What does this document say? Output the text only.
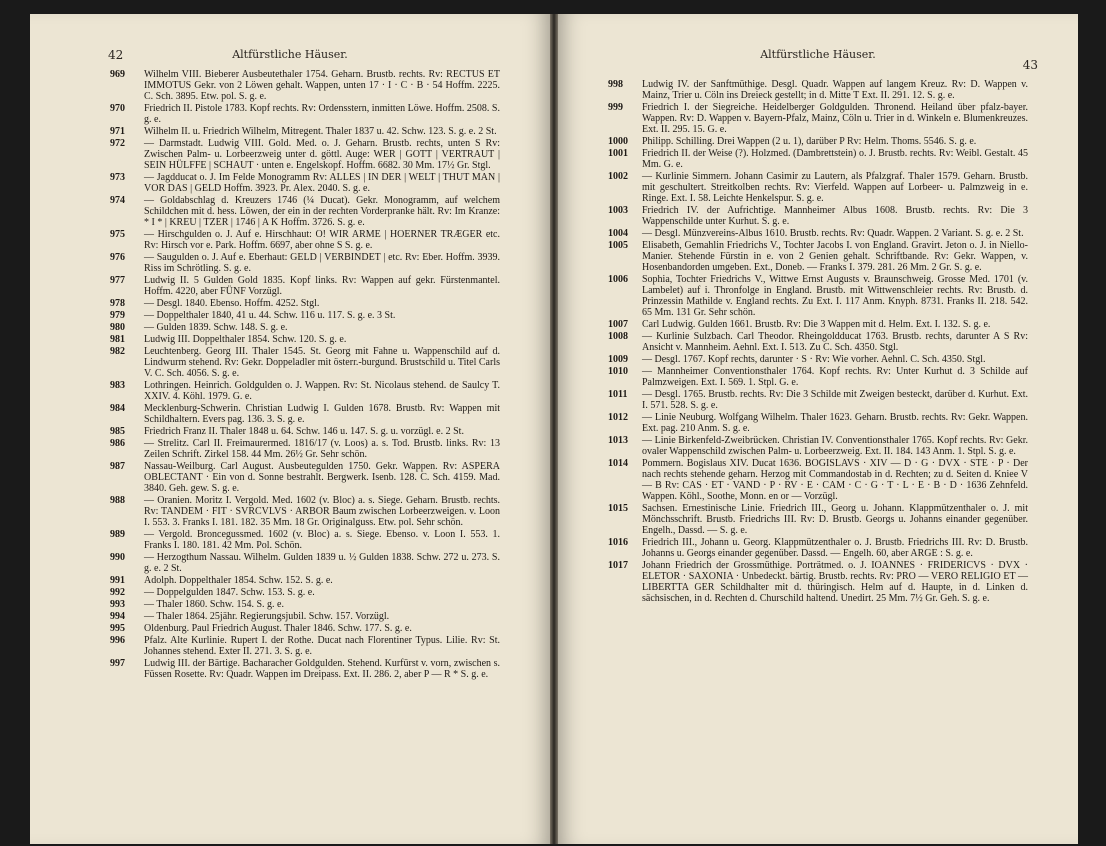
Altfürstliche Häuser.
42
969	Wilhelm VIII. Bieberer Ausbeutethaler 1754. Geharn. Brustb. rechts. Rv: RECTUS ET IMMOTUS Gekr. von 2 Löwen gehalt. Wappen, unten 17 · I · C · B · 54 Hoffm. 2225. C. Sch. 3895. Etw. pol. S. g. e.
970	Friedrich II. Pistole 1783. Kopf rechts. Rv: Ordensstern, inmitten Löwe. Hoffm. 2508. S. g. e.
971	Wilhelm II. u. Friedrich Wilhelm, Mitregent. Thaler 1837 u. 42. Schw. 123. S. g. e. 2 St.
972	— Darmstadt. Ludwig VIII. Gold. Med. o. J. Geharn. Brustb. rechts, unten S Rv: Zwischen Palm- u. Lorbeerzweig unter d. göttl. Auge: WER | GOTT | VERTRAUT | SEIN HÜLFFE | SCHAUT · unten e. Engelskopf. Hoffm. 6682. 30 Mm. 17½ Gr. Stgl.
973	— Jagdducat o. J. Im Felde Monogramm Rv: ALLES | IN DER | WELT | THUT MAN | VOR DAS | GELD Hoffm. 3923. Pr. Alex. 2040. S. g. e.
974	— Goldabschlag d. Kreuzers 1746 (¼ Ducat). Gekr. Monogramm, auf welchem Schildchen mit d. hess. Löwen, der ein in der rechten Vorderpranke hält. Rv: Im Kranze: * I * | KREU | TZER | 1746 | A K Hoffm. 3726. S. g. e.
975	— Hirschgulden o. J. Auf e. Hirschhaut: O! WIR ARME | HOERNER TRÆGER etc. Rv: Hirsch vor e. Park. Hoffm. 6697, aber ohne S S. g. e.
976	— Saugulden o. J. Auf e. Eberhaut: GELD | VERBINDET | etc. Rv: Eber. Hoffm. 3939. Riss im Schrötling. S. g. e.
977	Ludwig II. 5 Gulden Gold 1835. Kopf links. Rv: Wappen auf gekr. Fürstenmantel. Hoffm. 4220, aber FÜNF Vorzügl.
978	— Desgl. 1840. Ebenso. Hoffm. 4252. Stgl.
979	— Doppelthaler 1840, 41 u. 44. Schw. 116 u. 117. S. g. e. 3 St.
980	— Gulden 1839. Schw. 148. S. g. e.
981	Ludwig III. Doppelthaler 1854. Schw. 120. S. g. e.
982	Leuchtenberg. Georg III. Thaler 1545. St. Georg mit Fahne u. Wappenschild auf d. Lindwurm stehend. Rv: Gekr. Doppeladler mit österr.-burgund. Brustschild u. Titel Carls V. C. Sch. 4056. S. g. e.
983	Lothringen. Heinrich. Goldgulden o. J. Wappen. Rv: St. Nicolaus stehend. de Saulcy T. XXIV. 4. Köhl. 1979. G. e.
984	Mecklenburg-Schwerin. Christian Ludwig I. Gulden 1678. Brustb. Rv: Wappen mit Schildhaltern. Evers pag. 136. 3. S. g. e.
985	Friedrich Franz II. Thaler 1848 u. 64. Schw. 146 u. 147. S. g. u. vorzügl. e. 2 St.
986	— Strelitz. Carl II. Freimaurermed. 1816/17 (v. Loos) a. s. Tod. Brustb. links. Rv: 13 Zeilen Schrift. Zirkel 158. 44 Mm. 26½ Gr. Sehr schön.
987	Nassau-Weilburg. Carl August. Ausbeutegulden 1750. Gekr. Wappen. Rv: ASPERA OBLECTANT · Ein von d. Sonne bestrahlt. Bergwerk. Isenb. 128. C. Sch. 4159. Mad. 3840. Geh. gew. S. g. e.
988	— Oranien. Moritz I. Vergold. Med. 1602 (v. Bloc) a. s. Siege. Geharn. Brustb. rechts. Rv: TANDEM · FIT · SVRCVLVS · ARBOR Baum zwischen Lorbeerzweigen. v. Loon I. 553. 3. Franks I. 181. 182. 35 Mm. 18 Gr. Originalguss. Etw. pol. Sehr schön.
989	— Vergold. Broncegussmed. 1602 (v. Bloc) a. s. Siege. Ebenso. v. Loon I. 553. 1. Franks I. 180. 181. 42 Mm. Pol. Schön.
990	— Herzogthum Nassau. Wilhelm. Gulden 1839 u. ½ Gulden 1838. Schw. 272 u. 273. S. g. e. 2 St.
991	Adolph. Doppelthaler 1854. Schw. 152. S. g. e.
992	— Doppelgulden 1847. Schw. 153. S. g. e.
993	— Thaler 1860. Schw. 154. S. g. e.
994	— Thaler 1864. 25jähr. Regierungsjubil. Schw. 157. Vorzügl.
995	Oldenburg. Paul Friedrich August. Thaler 1846. Schw. 177. S. g. e.
996	Pfalz. Alte Kurlinie. Rupert I. der Rothe. Ducat nach Florentiner Typus. Lilie. Rv: St. Johannes stehend. Exter II. 271. 3. S. g. e.
997	Ludwig III. der Bärtige. Bacharacher Goldgulden. Stehend. Kurfürst v. vorn, zwischen s. Füssen Rosette. Rv: Quadr. Wappen im Dreipass. Ext. II. 286. 2, aber P — R * S. g. e.
Altfürstliche Häuser.
43
998	Ludwig IV. der Sanftmüthige. Desgl. Quadr. Wappen auf langem Kreuz. Rv: D. Wappen v. Mainz, Trier u. Cöln ins Dreieck gestellt; in d. Mitte T Ext. II. 291. 12. S. g. e.
999	Friedrich I. der Siegreiche. Heidelberger Goldgulden. Thronend. Heiland über pfalz-bayer. Wappen. Rv: D. Wappen v. Bayern-Pfalz, Mainz, Cöln u. Trier in d. Winkeln e. Blumenkreuzes. Ext. II. 295. 15. G. e.
1000	Philipp. Schilling. Drei Wappen (2 u. 1), darüber P Rv: Helm. Thoms. 5546. S. g. e.
1001	Friedrich II. der Weise (?). Holzmed. (Dambrettstein) o. J. Brustb. rechts. Rv: Weibl. Gestalt. 45 Mm. G. e.
1002	— Kurlinie Simmern. Johann Casimir zu Lautern, als Pfalzgraf. Thaler 1579. Geharn. Brustb. mit geschultert. Streitkolben rechts. Rv: Vierfeld. Wappen auf Lorbeer- u. Palmzweig in e. Ringe. Ext. I. 58. Leichte Henkelspur. S. g. e.
1003	Friedrich IV. der Aufrichtige. Mannheimer Albus 1608. Brustb. rechts. Rv: Die 3 Wappenschilde unter Kurhut. S. g. e.
1004	— Desgl. Münzvereins-Albus 1610. Brustb. rechts. Rv: Quadr. Wappen. 2 Variant. S. g. e. 2 St.
1005	Elisabeth, Gemahlin Friedrichs V., Tochter Jacobs I. von England. Gravirt. Jeton o. J. in Niello-Manier. Stehende Fürstin in e. von 2 Genien gehalt. Schriftbande. Rv: Gekr. Wappen, v. Hosenbandorden umgeben. Ext., Doneb. — Franks I. 379. 281. 26 Mm. 2 Gr. S. g. e.
1006	Sophia, Tochter Friedrichs V., Wittwe Ernst Augusts v. Braunschweig. Grosse Med. 1701 (v. Lambelet) auf i. Thronfolge in England. Brustb. mit Wittwenschleier rechts. Rv: Brustb. d. Prinzessin Mathilde v. England rechts. Zu Ext. I. 117 Anm. Knyph. 8731. Franks II. 218. 542. 65 Mm. 131 Gr. Sehr schön.
1007	Carl Ludwig. Gulden 1661. Brustb. Rv: Die 3 Wappen mit d. Helm. Ext. I. 132. S. g. e.
1008	— Kurlinie Sulzbach. Carl Theodor. Rheingoldducat 1763. Brustb. rechts, darunter A S Rv: Ansicht v. Mannheim. Aehnl. Ext. I. 513. Zu C. Sch. 4350. Stgl.
1009	— Desgl. 1767. Kopf rechts, darunter · S · Rv: Wie vorher. Aehnl. C. Sch. 4350. Stgl.
1010	— Mannheimer Conventionsthaler 1764. Kopf rechts. Rv: Unter Kurhut d. 3 Schilde auf Palmzweigen. Ext. I. 569. 1. Stpl. G. e.
1011	— Desgl. 1765. Brustb. rechts. Rv: Die 3 Schilde mit Zweigen besteckt, darüber d. Kurhut. Ext. I. 571. 528. S. g. e.
1012	— Linie Neuburg. Wolfgang Wilhelm. Thaler 1623. Geharn. Brustb. rechts. Rv: Gekr. Wappen. Ext. pag. 210 Anm. S. g. e.
1013	— Linie Birkenfeld-Zweibrücken. Christian IV. Conventionsthaler 1765. Kopf rechts. Rv: Gekr. ovaler Wappenschild zwischen Palm- u. Lorbeerzweig. Ext. II. 184. 143 Anm. 1. Stpl. S. g. e.
1014	Pommern. Bogislaus XIV. Ducat 1636. BOGISLAVS · XIV — D · G · DVX · STE · P · Der nach rechts stehende geharn. Herzog mit Commandostab in d. Rechten; zu d. Seiten d. Kniee V — B Rv: CAS · ET · VAND · P · RV · E · CAM · C · G · T · L · E · B · D · 1636 Zehnfeld. Wappen. Köhl., Soothe, Monn. en or — Vorzügl.
1015	Sachsen. Ernestinische Linie. Friedrich III., Georg u. Johann. Klappmützenthaler o. J. mit Mönchsschrift. Brustb. Friedrichs III. Rv: D. Brustb. Georgs u. Johanns einander gegenüber. Engelh., Dassd. — S. g. e.
1016	Friedrich III., Johann u. Georg. Klappmützenthaler o. J. Brustb. Friedrichs III. Rv: D. Brustb. Johanns u. Georgs einander gegenüber. Dassd. — Engelh. 60, aber ARGE : S. g. e.
1017	Johann Friedrich der Grossmüthige. Porträtmed. o. J. IOANNES · FRIDERICVS · DVX · ELETOR · SAXONIA · Unbedeckt. bärtig. Brustb. rechts. Rv: PRO — VERO RELIGIO ET — LIBERTTA GER Schildhalter mit d. thüringisch. Helm auf d. Haupte, in d. Linken d. sächsischen, in d. Rechten d. Churschild haltend. Unedirt. 25 Mm. 7½ Gr. Geh. S. g. e.
